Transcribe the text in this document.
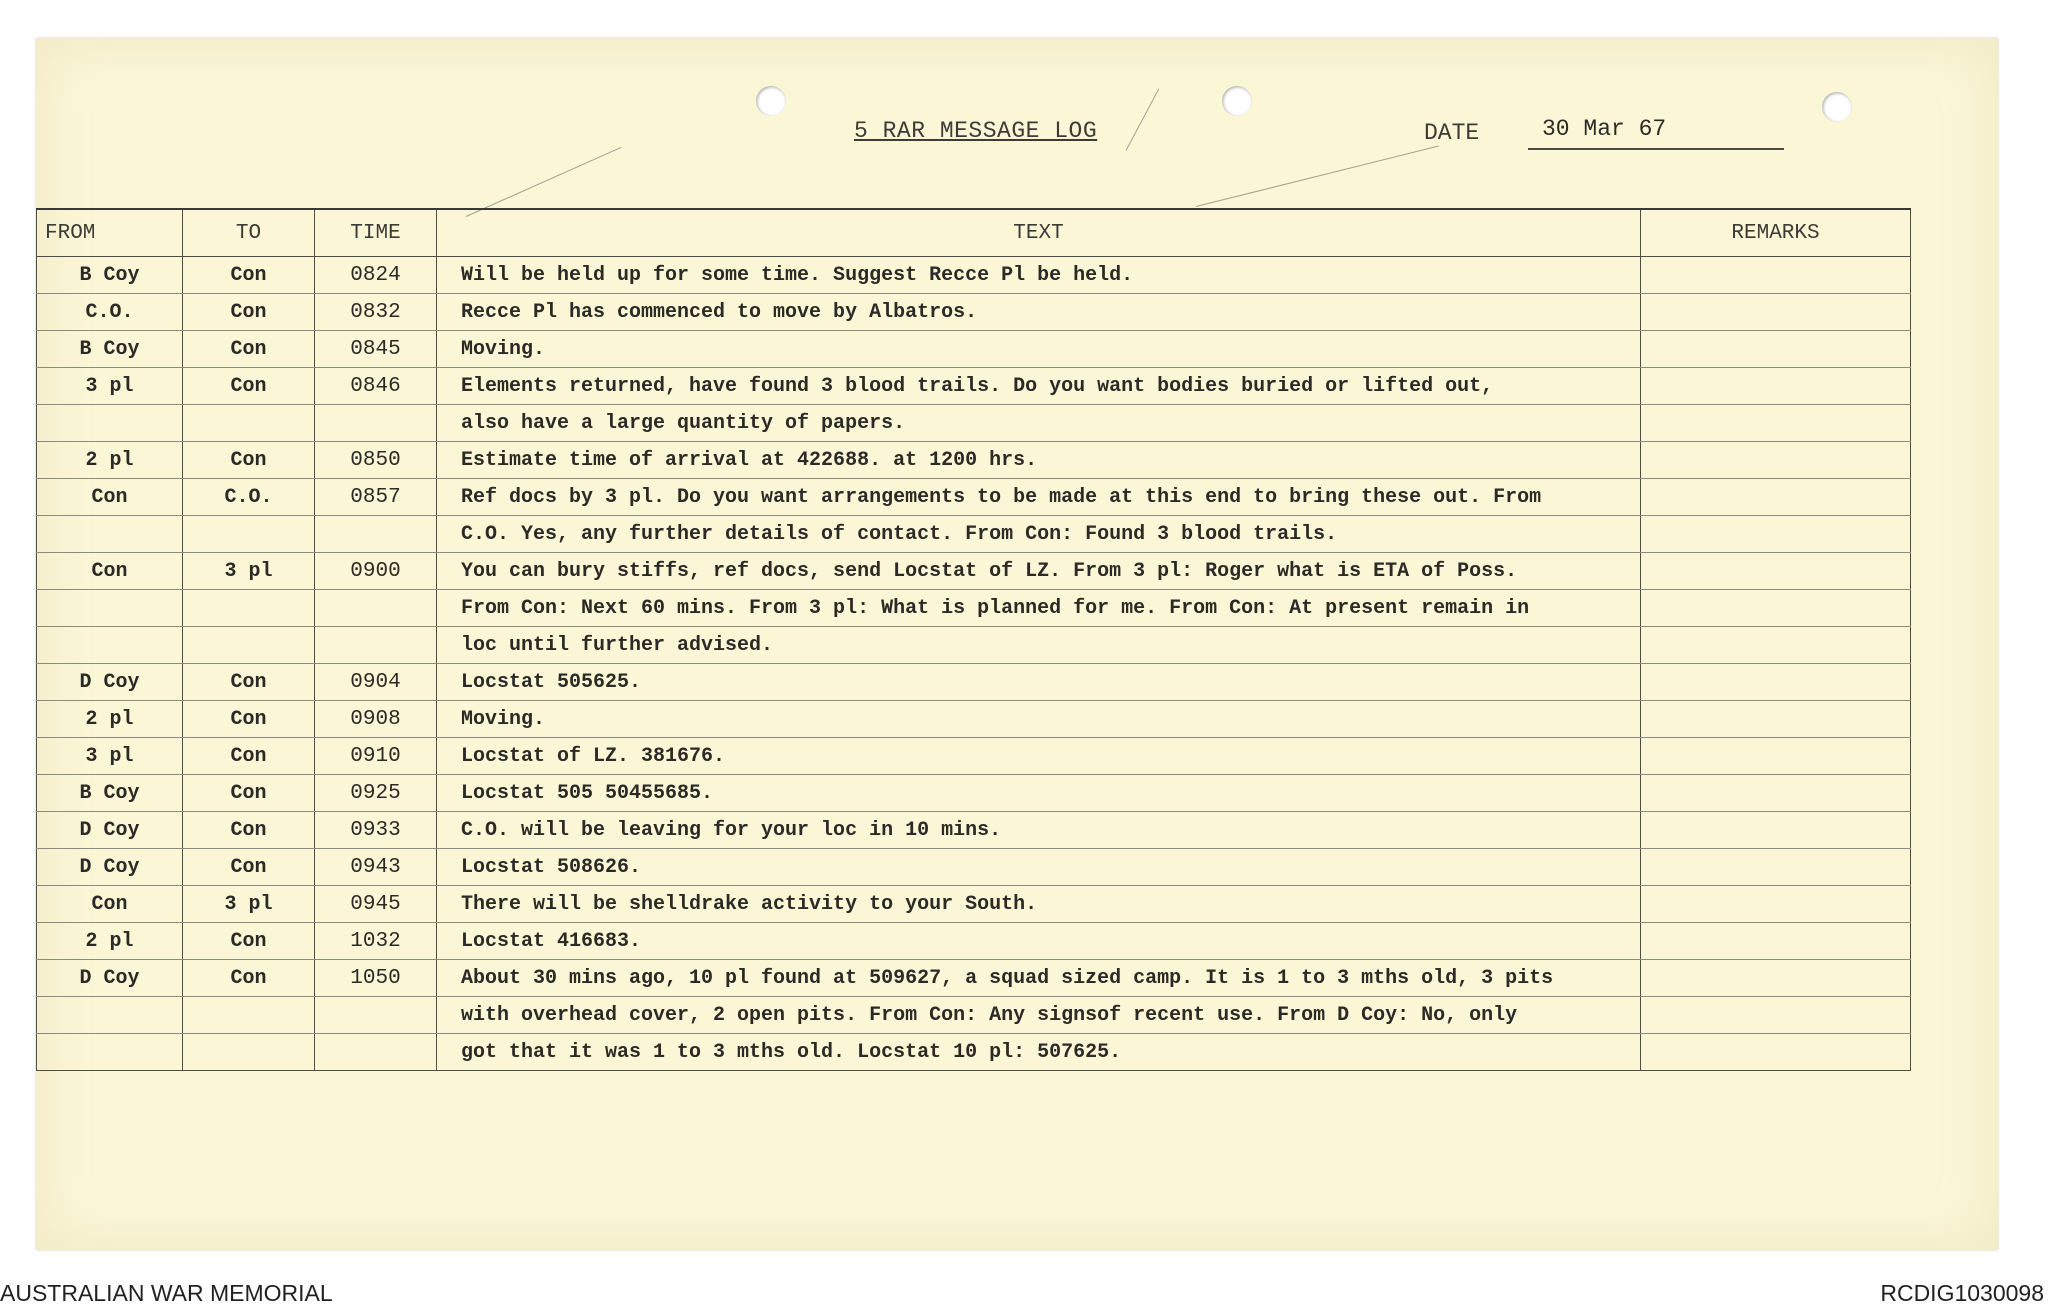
5 RAR MESSAGE LOG	DATE	30 Mar 67
FROM	TO	TIME	TEXT	REMARKS
B Coy	Con	0824	Will be held up for some time. Suggest Recce Pl be held.	
C.O.	Con	0832	Recce Pl has commenced to move by Albatros.	
B Coy	Con	0845	Moving.	
3 pl	Con	0846	Elements returned, have found 3 blood trails. Do you want bodies buried or lifted out,	
			also have a large quantity of papers.	
2 pl	Con	0850	Estimate time of arrival at 422688. at 1200 hrs.	
Con	C.O.	0857	Ref docs by 3 pl. Do you want arrangements to be made at this end to bring these out. From	
			C.O. Yes, any further details of contact. From Con: Found 3 blood trails.	
Con	3 pl	0900	You can bury stiffs, ref docs, send Locstat of LZ. From 3 pl: Roger what is ETA of Poss.	
			From Con: Next 60 mins. From 3 pl: What is planned for me. From Con: At present remain in	
			loc until further advised.	
D Coy	Con	0904	Locstat 505625.	
2 pl	Con	0908	Moving.	
3 pl	Con	0910	Locstat of LZ. 381676.	
B Coy	Con	0925	Locstat 505 50455685.	
D Coy	Con	0933	C.O. will be leaving for your loc in 10 mins.	
D Coy	Con	0943	Locstat 508626.	
Con	3 pl	0945	There will be shelldrake activity to your South.	
2 pl	Con	1032	Locstat 416683.	
D Coy	Con	1050	About 30 mins ago, 10 pl found at 509627, a squad sized camp. It is 1 to 3 mths old, 3 pits	
			with overhead cover, 2 open pits. From Con: Any signsof recent use. From D Coy: No, only	
			got that it was 1 to 3 mths old. Locstat 10 pl: 507625.	
AUSTRALIAN WAR MEMORIAL	RCDIG1030098
